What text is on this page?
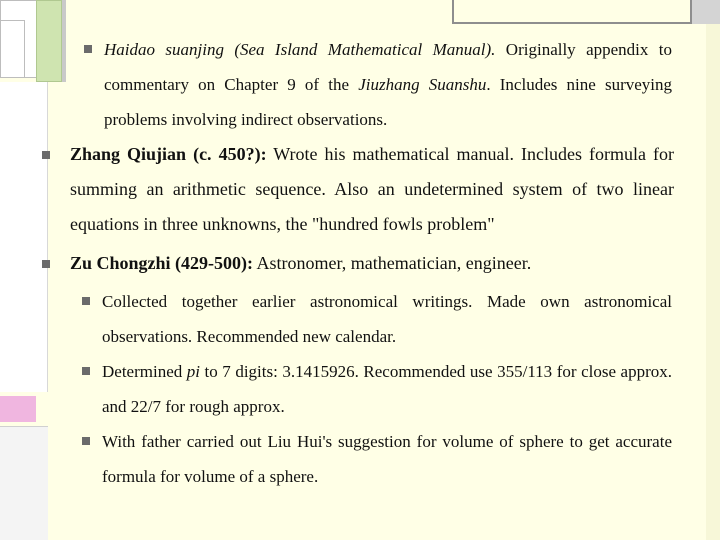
Haidao suanjing (Sea Island Mathematical Manual). Originally appendix to commentary on Chapter 9 of the Jiuzhang Suanshu. Includes nine surveying problems involving indirect observations.
Zhang Qiujian (c. 450?): Wrote his mathematical manual. Includes formula for summing an arithmetic sequence. Also an undetermined system of two linear equations in three unknowns, the "hundred fowls problem"
Zu Chongzhi (429-500): Astronomer, mathematician, engineer.
Collected together earlier astronomical writings. Made own astronomical observations. Recommended new calendar.
Determined pi to 7 digits: 3.1415926. Recommended use 355/113 for close approx. and 22/7 for rough approx.
With father carried out Liu Hui's suggestion for volume of sphere to get accurate formula for volume of a sphere.
